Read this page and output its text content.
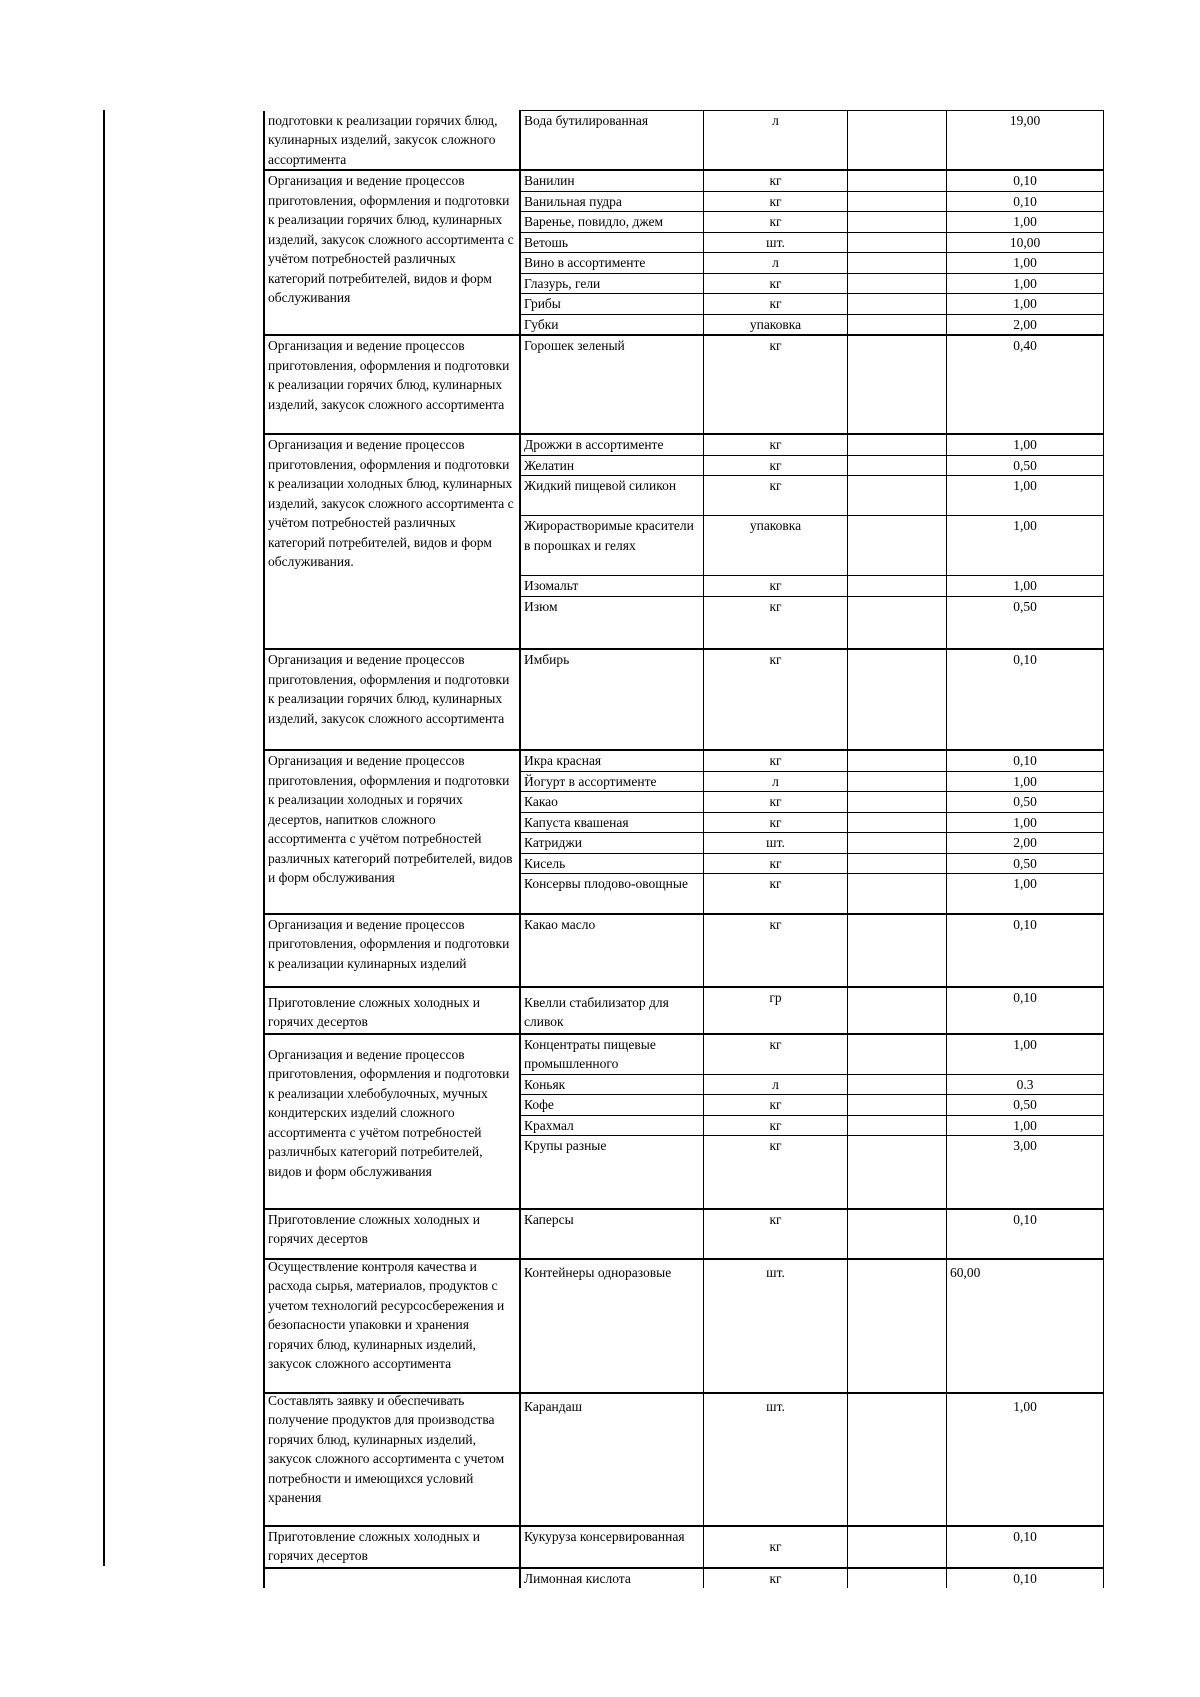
подготовки к реализации горячих блюд, кулинарных изделий, закусок сложного ассортимента	Вода бутилированная	л		19,00
Организация и ведение процессов приготовления, оформления и подготовки к реализации горячих блюд, кулинарных изделий, закусок сложного ассортимента с учётом потребностей различных категорий потребителей, видов и форм обслуживания	Ванилин	кг		0,10
	Ванильная пудра	кг		0,10
	Варенье, повидло, джем	кг		1,00
	Ветошь	шт.		10,00
	Вино в ассортименте	л		1,00
	Глазурь, гели	кг		1,00
	Грибы	кг		1,00
	Губки	упаковка		2,00
Организация и ведение процессов приготовления, оформления и подготовки к реализации горячих блюд, кулинарных изделий, закусок сложного ассортимента	Горошек зеленый	кг		0,40
Организация и ведение процессов приготовления, оформления и подготовки к реализации холодных блюд, кулинарных изделий, закусок сложного ассортимента с учётом потребностей различных категорий потребителей, видов и форм обслуживания.	Дрожжи в ассортименте	кг		1,00
	Желатин	кг		0,50
	Жидкий пищевой силикон	кг		1,00
	Жирорастворимые красители в порошках и гелях	упаковка		1,00
	Изомальт	кг		1,00
	Изюм	кг		0,50
Организация и ведение процессов приготовления, оформления и подготовки к реализации горячих блюд, кулинарных изделий, закусок сложного ассортимента	Имбирь	кг		0,10
Организация и ведение процессов приготовления, оформления и подготовки к реализации холодных и горячих десертов, напитков сложного ассортимента с учётом потребностей различных категорий потребителей, видов и форм обслуживания	Икра красная	кг		0,10
	Йогурт в ассортименте	л		1,00
	Какао	кг		0,50
	Капуста квашеная	кг		1,00
	Катриджи	шт.		2,00
	Кисель	кг		0,50
	Консервы плодово-овощные	кг		1,00

Организация и ведение процессов приготовления, оформления и подготовки к реализации кулинарных изделий	Какао масло	кг		0,10
Приготовление сложных холодных и горячих десертов	Квелли стабилизатор для сливок	гр		0,10
Организация и ведение процессов приготовления, оформления и подготовки к реализации хлебобулочных, мучных кондитерских изделий сложного ассортимента с учётом потребностей различнбых категорий потребителей, видов и форм обслуживания	Концентраты пищевые промышленного	кг		1,00
	Коньяк	л		0.3
	Кофе	кг		0,50
	Крахмал	кг		1,00
	Крупы разные	кг		3,00
Приготовление сложных холодных и горячих десертов	Каперсы	кг		0,10

Осуществление контроля качества и расхода сырья, материалов, продуктов с учетом технологий ресурсосбережения и безопасности упаковки и хранения горячих блюд, кулинарных изделий, закусок сложного ассортимента	Контейнеры одноразовые	шт.		60,00

Составлять заявку и обеспечивать получение продуктов для производства горячих блюд, кулинарных изделий, закусок сложного ассортимента с учетом потребности и имеющихся условий хранения	Карандаш	шт.		1,00
Приготовление сложных холодных и горячих десертов	Кукуруза консервированная	кг		0,10
	Лимонная кислота	кг		0,10
